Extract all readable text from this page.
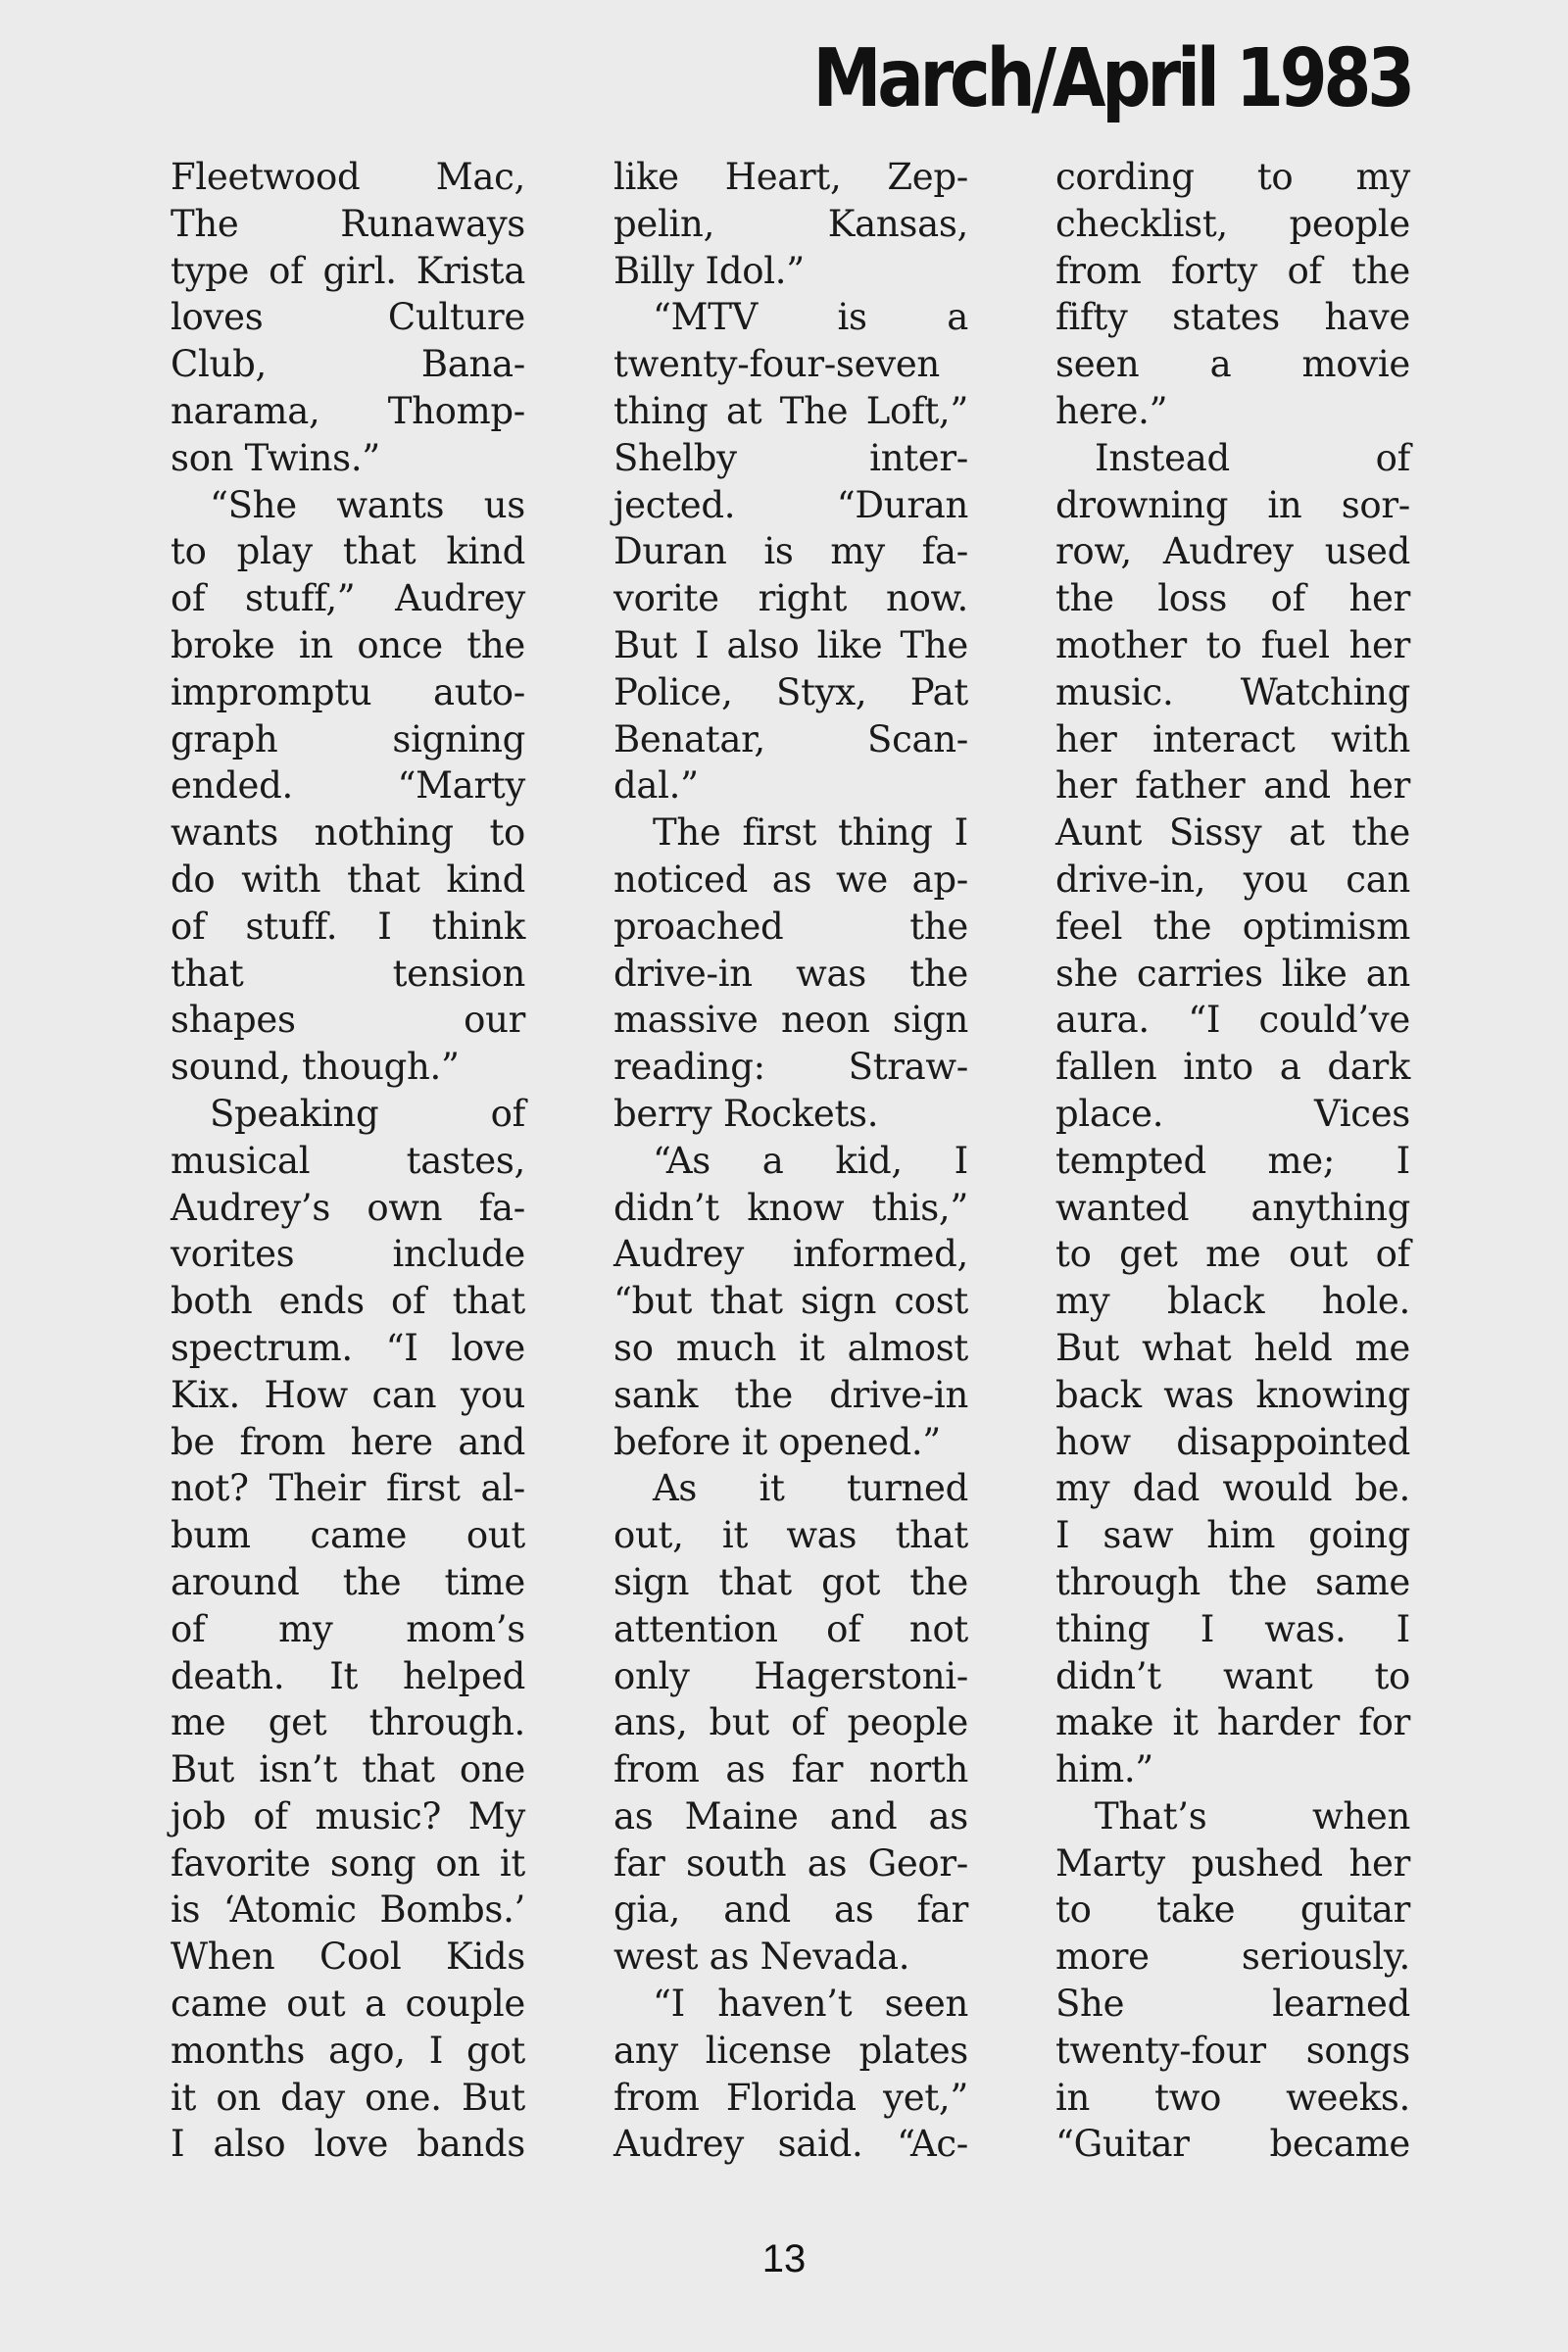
March/April 1983
Fleetwood Mac,
The Runaways
type of girl. Krista
loves Culture
Club, Bana-
narama, Thomp-
son Twins.”
“She wants us
to play that kind
of stuff,” Audrey
broke in once the
impromptu auto-
graph signing
ended. “Marty
wants nothing to
do with that kind
of stuff. I think
that tension
shapes our
sound, though.”
Speaking of
musical tastes,
Audrey’s own fa-
vorites include
both ends of that
spectrum. “I love
Kix. How can you
be from here and
not? Their first al-
bum came out
around the time
of my mom’s
death. It helped
me get through.
But isn’t that one
job of music? My
favorite song on it
is ‘Atomic Bombs.’
When Cool Kids
came out a couple
months ago, I got
it on day one. But
I also love bands
like Heart, Zep-
pelin, Kansas,
Billy Idol.”
“MTV is a
twenty-four-seven
thing at The Loft,”
Shelby inter-
jected. “Duran
Duran is my fa-
vorite right now.
But I also like The
Police, Styx, Pat
Benatar, Scan-
dal.”
The first thing I
noticed as we ap-
proached the
drive-in was the
massive neon sign
reading: Straw-
berry Rockets.
“As a kid, I
didn’t know this,”
Audrey informed,
“but that sign cost
so much it almost
sank the drive-in
before it opened.”
As it turned
out, it was that
sign that got the
attention of not
only Hagerstoni-
ans, but of people
from as far north
as Maine and as
far south as Geor-
gia, and as far
west as Nevada.
“I haven’t seen
any license plates
from Florida yet,”
Audrey said. “Ac-
cording to my
checklist, people
from forty of the
fifty states have
seen a movie
here.”
Instead of
drowning in sor-
row, Audrey used
the loss of her
mother to fuel her
music. Watching
her interact with
her father and her
Aunt Sissy at the
drive-in, you can
feel the optimism
she carries like an
aura. “I could’ve
fallen into a dark
place. Vices
tempted me; I
wanted anything
to get me out of
my black hole.
But what held me
back was knowing
how disappointed
my dad would be.
I saw him going
through the same
thing I was. I
didn’t want to
make it harder for
him.”
That’s when
Marty pushed her
to take guitar
more seriously.
She learned
twenty-four songs
in two weeks.
“Guitar became
13
